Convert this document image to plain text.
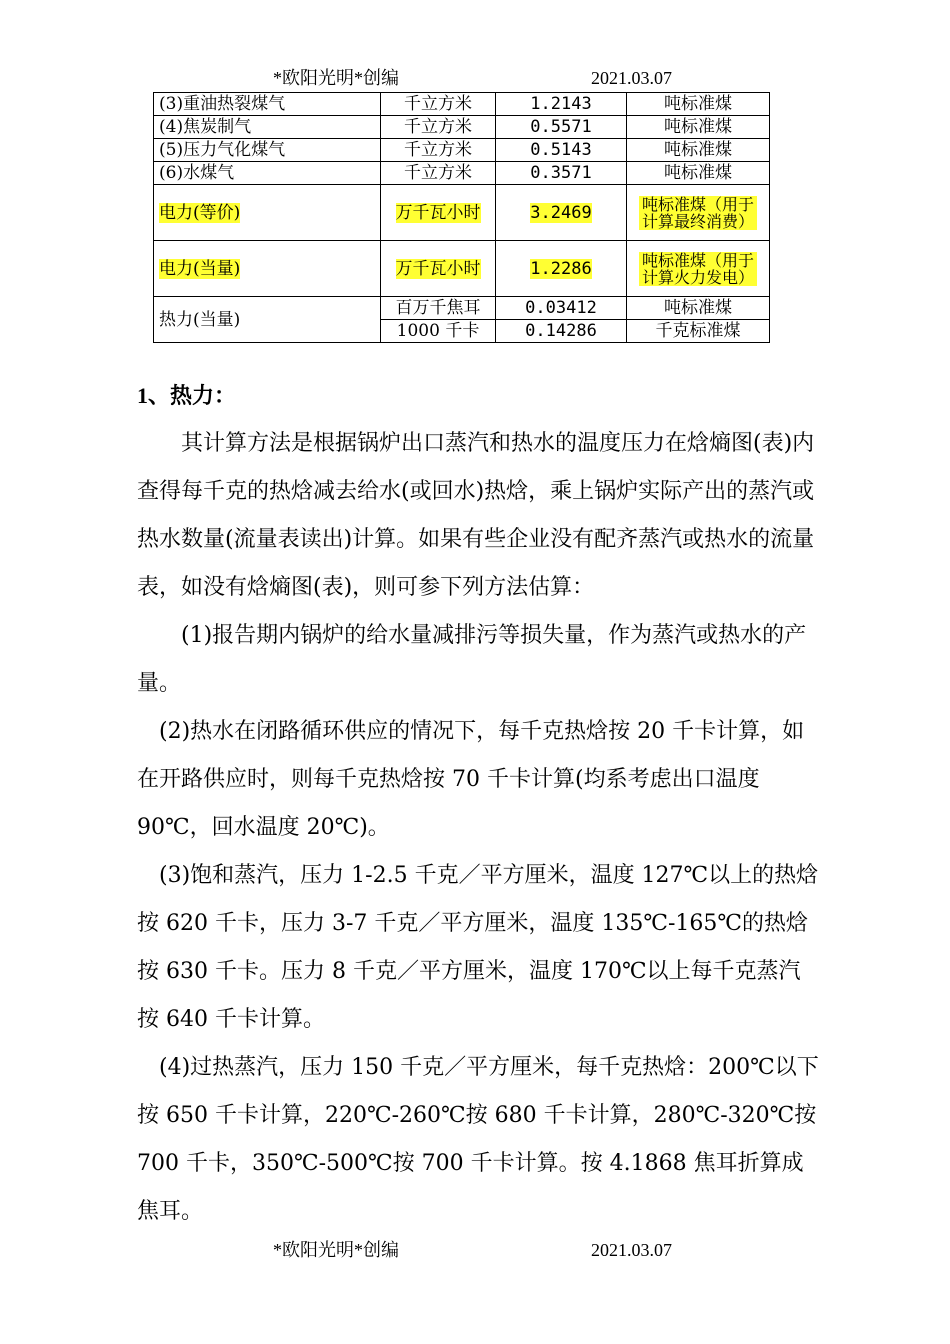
*欧阳光明*创编	2021.03.07
(3)重油热裂煤气	千立方米	1.2143	吨标准煤
(4)焦炭制气	千立方米	0.5571	吨标准煤
(5)压力气化煤气	千立方米	0.5143	吨标准煤
(6)水煤气	千立方米	0.3571	吨标准煤
电力(等价)	万千瓦小时	3.2469	吨标准煤（用于计算最终消费）
电力(当量)	万千瓦小时	1.2286	吨标准煤（用于计算火力发电）
热力(当量)	百万千焦耳	0.03412	吨标准煤
	1000 千卡	0.14286	千克标准煤
1、热力：

其计算方法是根据锅炉出口蒸汽和热水的温度压力在焓熵图(表)内查得每千克的热焓减去给水(或回水)热焓，乘上锅炉实际产出的蒸汽或热水数量(流量表读出)计算。如果有些企业没有配齐蒸汽或热水的流量表，如没有焓熵图(表)，则可参下列方法估算：

(1)报告期内锅炉的给水量减排污等损失量，作为蒸汽或热水的产量。

(2)热水在闭路循环供应的情况下，每千克热焓按 20 千卡计算，如在开路供应时，则每千克热焓按 70 千卡计算(均系考虑出口温度 90℃，回水温度 20℃)。

(3)饱和蒸汽，压力 1-2.5 千克／平方厘米，温度 127℃以上的热焓按 620 千卡，压力 3-7 千克／平方厘米，温度 135℃-165℃的热焓按 630 千卡。压力 8 千克／平方厘米，温度 170℃以上每千克蒸汽按 640 千卡计算。

(4)过热蒸汽，压力 150 千克／平方厘米，每千克热焓：200℃以下按 650 千卡计算，220℃-260℃按 680 千卡计算，280℃-320℃按 700 千卡，350℃-500℃按 700 千卡计算。按 4.1868 焦耳折算成焦耳。

*欧阳光明*创编	2021.03.07
